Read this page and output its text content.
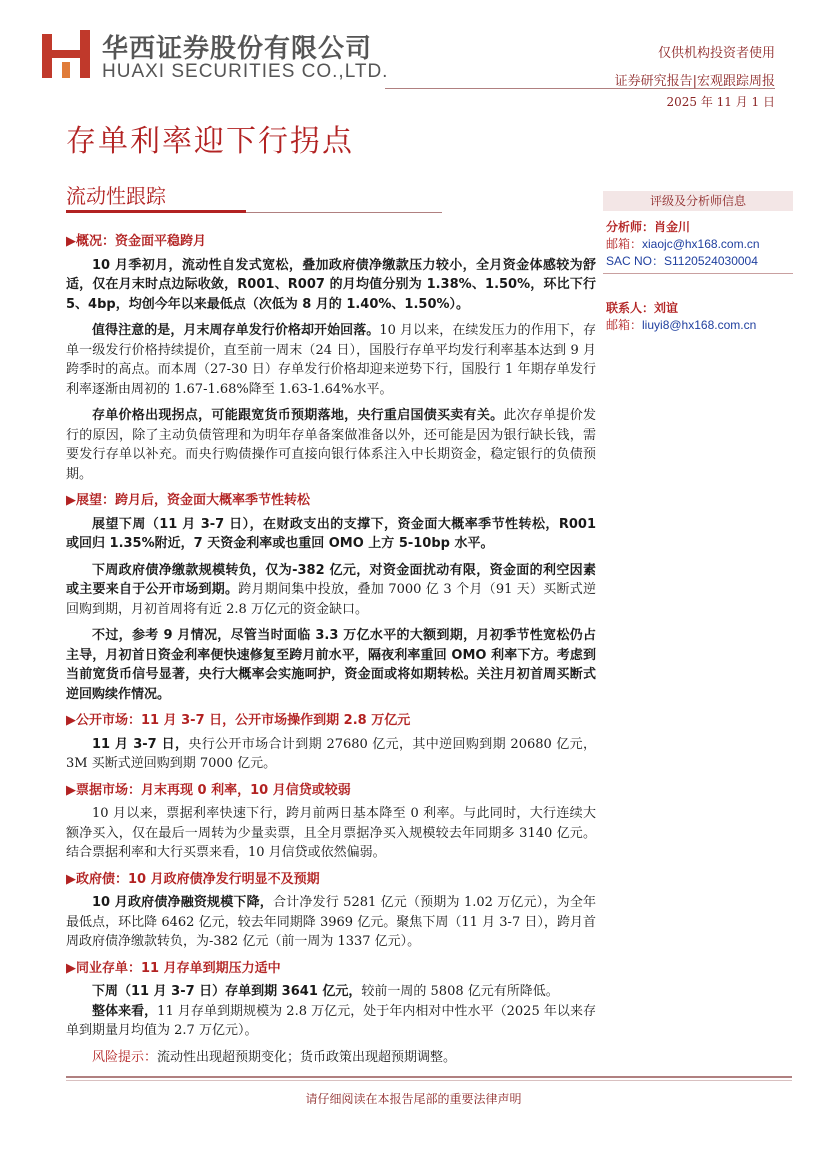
华西证券股份有限公司
HUAXI SECURITIES CO.,LTD.
仅供机构投资者使用
证券研究报告|宏观跟踪周报
2025 年 11 月 1 日
存单利率迎下行拐点
流动性跟踪	评级及分析师信息
分析师：肖金川
邮箱：xiaojc@hx168.com.cn
SAC NO：S1120524030004
联系人：刘谊
邮箱：liuyi8@hx168.com.cn
▶概况：资金面平稳跨月

10 月季初月，流动性自发式宽松，叠加政府债净缴款压力较小，全月资金体感较为舒适，仅在月末时点边际收敛，R001、R007 的月均值分别为 1.38%、1.50%，环比下行 5、4bp，均创今年以来最低点（次低为 8 月的 1.40%、1.50%）。

值得注意的是，月末周存单发行价格却开始回落。10 月以来，在续发压力的作用下，存单一级发行价格持续提价，直至前一周末（24 日），国股行存单平均发行利率基本达到 9 月跨季时的高点。而本周（27-30 日）存单发行价格却迎来逆势下行，国股行 1 年期存单发行利率逐渐由周初的 1.67-1.68%降至 1.63-1.64%水平。

存单价格出现拐点，可能跟宽货币预期落地，央行重启国债买卖有关。此次存单提价发行的原因，除了主动负债管理和为明年存单备案做准备以外，还可能是因为银行缺长钱，需要发行存单以补充。而央行购债操作可直接向银行体系注入中长期资金，稳定银行的负债预期。

▶展望：跨月后，资金面大概率季节性转松

展望下周（11 月 3-7 日），在财政支出的支撑下，资金面大概率季节性转松，R001 或回归 1.35%附近，7 天资金利率或也重回 OMO 上方 5-10bp 水平。

下周政府债净缴款规模转负，仅为-382 亿元，对资金面扰动有限，资金面的利空因素或主要来自于公开市场到期。跨月期间集中投放，叠加 7000 亿 3 个月（91 天）买断式逆回购到期，月初首周将有近 2.8 万亿元的资金缺口。

不过，参考 9 月情况，尽管当时面临 3.3 万亿水平的大额到期，月初季节性宽松仍占主导，月初首日资金利率便快速修复至跨月前水平，隔夜利率重回 OMO 利率下方。考虑到当前宽货币信号显著，央行大概率会实施呵护，资金面或将如期转松。关注月初首周买断式逆回购续作情况。

▶公开市场：11 月 3-7 日，公开市场操作到期 2.8 万亿元

11 月 3-7 日，央行公开市场合计到期 27680 亿元，其中逆回购到期 20680 亿元，3M 买断式逆回购到期 7000 亿元。

▶票据市场：月末再现 0 利率，10 月信贷或较弱

10 月以来，票据利率快速下行，跨月前两日基本降至 0 利率。与此同时，大行连续大额净买入，仅在最后一周转为少量卖票，且全月票据净买入规模较去年同期多 3140 亿元。结合票据利率和大行买票来看，10 月信贷或依然偏弱。

▶政府债：10 月政府债净发行明显不及预期

10 月政府债净融资规模下降，合计净发行 5281 亿元（预期为 1.02 万亿元），为全年最低点，环比降 6462 亿元，较去年同期降 3969 亿元。聚焦下周（11 月 3-7 日），跨月首周政府债净缴款转负，为-382 亿元（前一周为 1337 亿元）。

▶同业存单：11 月存单到期压力适中

下周（11 月 3-7 日）存单到期 3641 亿元，较前一周的 5808 亿元有所降低。

整体来看，11 月存单到期规模为 2.8 万亿元，处于年内相对中性水平（2025 年以来存单到期量月均值为 2.7 万亿元）。

风险提示：流动性出现超预期变化；货币政策出现超预期调整。

请仔细阅读在本报告尾部的重要法律声明
